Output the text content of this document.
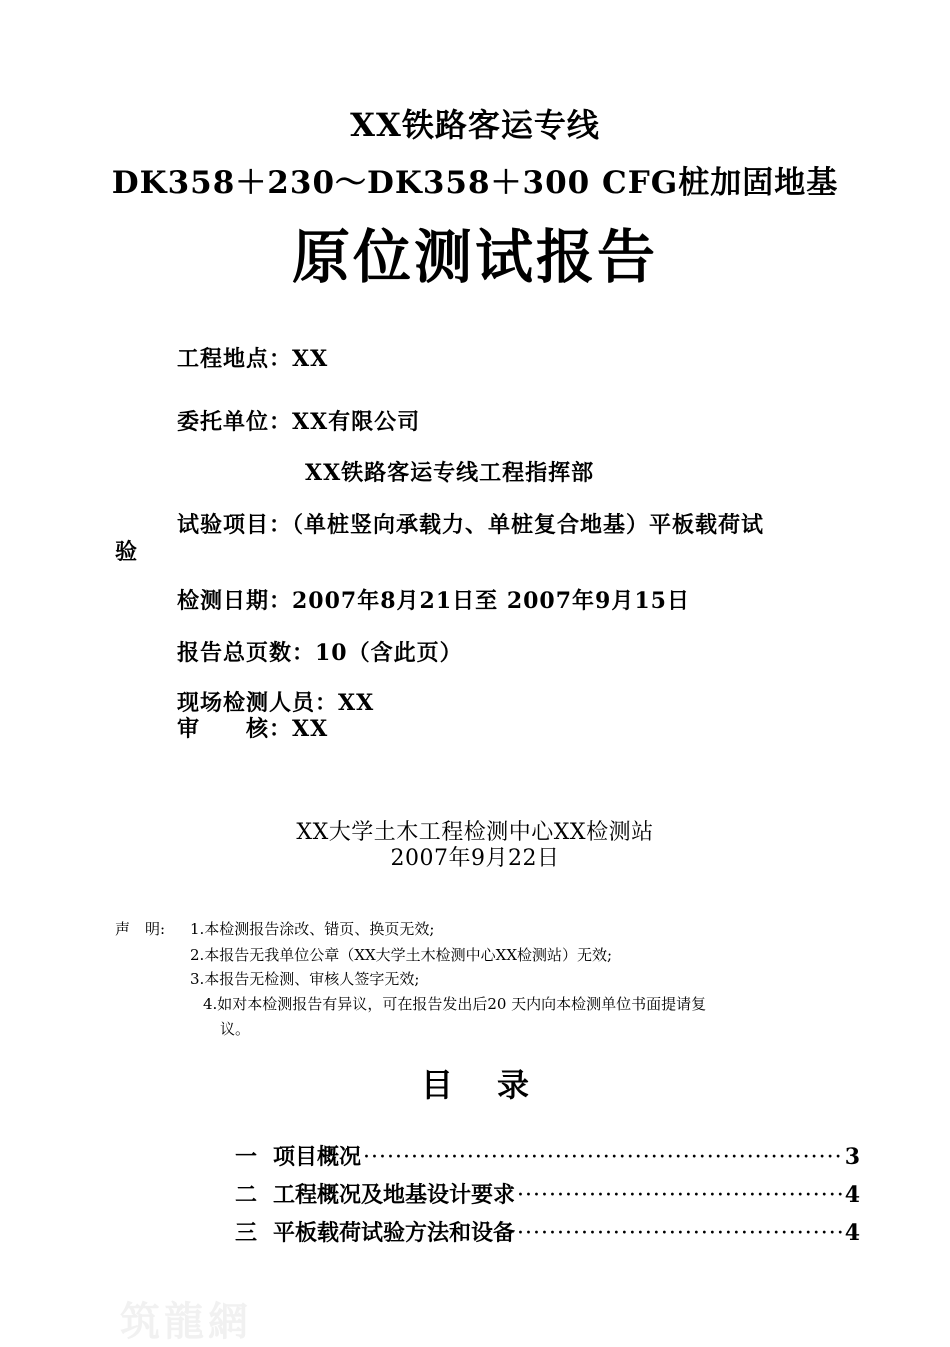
XX铁路客运专线
DK358＋230～DK358＋300 CFG桩加固地基
原位测试报告
工程地点：XX
委托单位：XX有限公司
XX铁路客运专线工程指挥部
试验项目：（单桩竖向承载力、单桩复合地基）平板载荷试
验
检测日期：2007年8月21日至 2007年9月15日
报告总页数：10（含此页）
现场检测人员：XX
审　　核：XX
XX大学土木工程检测中心XX检测站
2007年9月22日
声　明: 1.本检测报告涂改、错页、换页无效;
2.本报告无我单位公章（XX大学土木检测中心XX检测站）无效;
3.本报告无检测、审核人签字无效;
4.如对本检测报告有异议，可在报告发出后20 天内向本检测单位书面提请复
议。
目录
一 项目概况 ·····	3
二 工程概况及地基设计要求 ·····	4
三 平板载荷试验方法和设备 ·····	4
筑龍網
